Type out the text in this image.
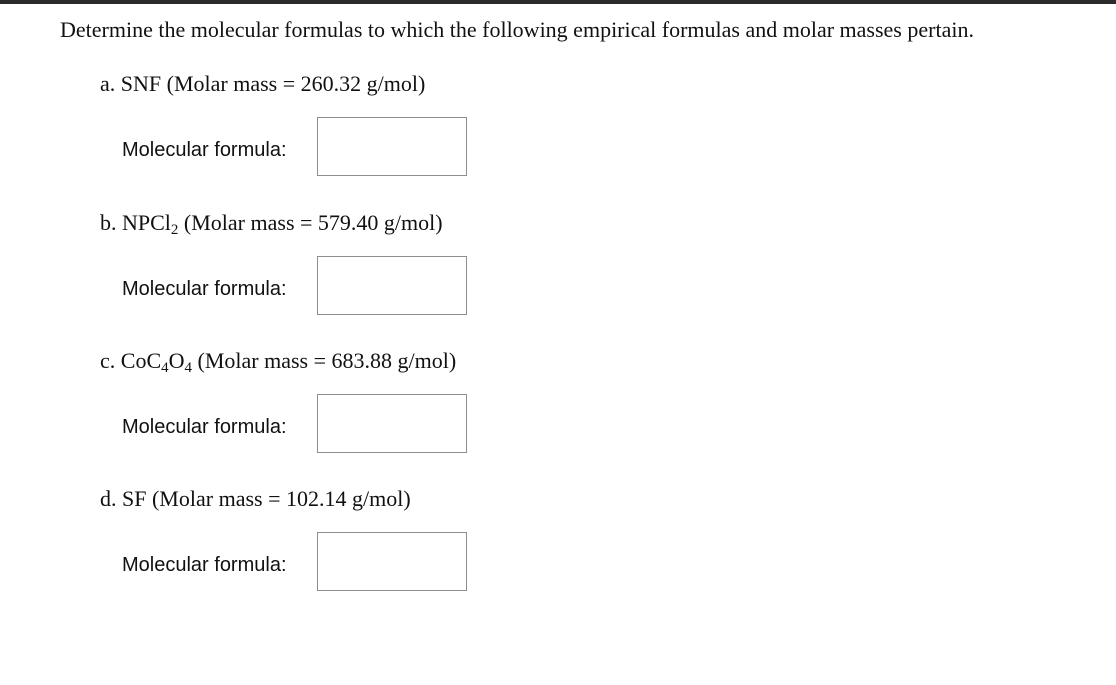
Determine the molecular formulas to which the following empirical formulas and molar masses pertain.
a. SNF (Molar mass = 260.32 g/mol)
Molecular formula:
b. NPCl$_2$ (Molar mass = 579.40 g/mol)
Molecular formula:
c. $CoC_4O_4$ (Molar mass = 683.88 g/mol)
Molecular formula:
d. SF (Molar mass = 102.14 g/mol)
Molecular formula:
